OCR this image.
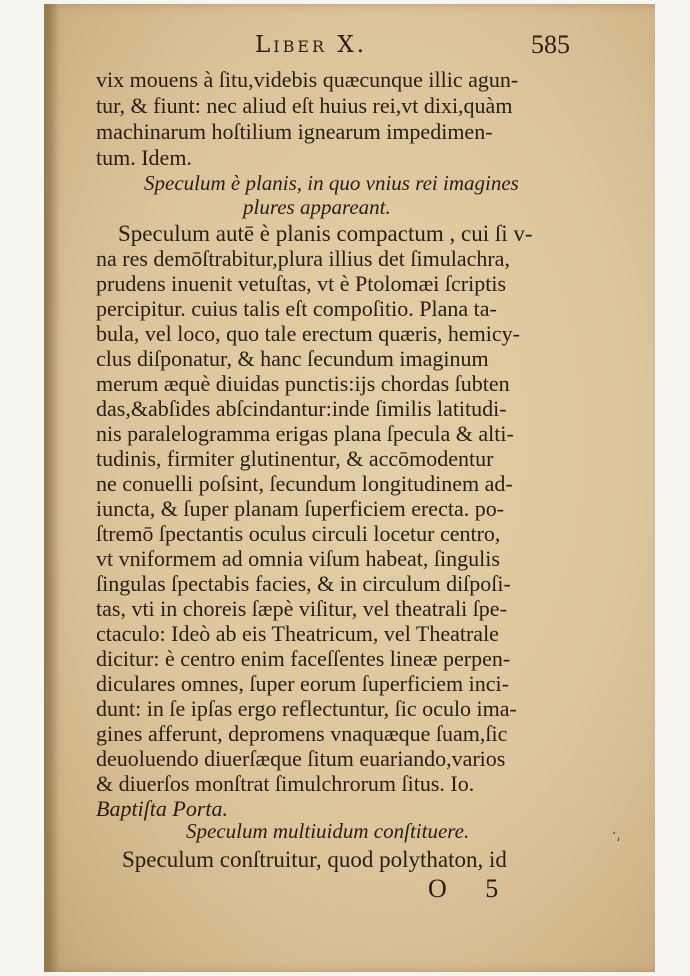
Liber X.	585
vix mouens à ſitu,videbis quæcunque illic agun-
tur, & fiunt: nec aliud eſt huius rei,vt dixi,quàm
machinarum hoſtilium ignearum impedimen-
tum. Idem.
Speculum è planis, in quo vnius rei imagines
plures appareant.
Speculum autē è planis compactum , cui ſi v-
na res demōſtrabitur,plura illius det ſimulachra,
prudens inuenit vetuſtas, vt è Ptolomæi ſcriptis
percipitur. cuius talis eſt compoſitio. Plana ta-
bula, vel loco, quo tale erectum quæris, hemicy-
clus diſponatur, & hanc ſecundum imaginum
merum æquè diuidas punctis:ijs chordas ſubten
das,&abſides abſcindantur:inde ſimilis latitudi-
nis paralelogramma erigas plana ſpecula & alti-
tudinis, firmiter glutinentur, & accōmodentur
ne conuelli poſsint, ſecundum longitudinem ad-
iuncta, & ſuper planam ſuperficiem erecta. po-
ſtremō ſpectantis oculus circuli locetur centro,
vt vniformem ad omnia viſum habeat, ſingulis
ſingulas ſpectabis facies, & in circulum diſpoſi-
tas, vti in choreis ſæpè viſitur, vel theatrali ſpe-
ctaculo: Ideò ab eis Theatricum, vel Theatrale
dicitur: è centro enim faceſſentes lineæ perpen-
diculares omnes, ſuper eorum ſuperficiem inci-
dunt: in ſe ipſas ergo reflectuntur, ſic oculo ima-
gines afferunt, depromens vnaquæque ſuam,ſic
deuoluendo diuerſæque ſitum euariando,varios
& diuerſos monſtrat ſimulchrorum ſitus. Io.
Baptiſta Porta.
Speculum multiuidum conſtituere.
Speculum conſtruitur, quod polythaton, id
O 5
·͵
